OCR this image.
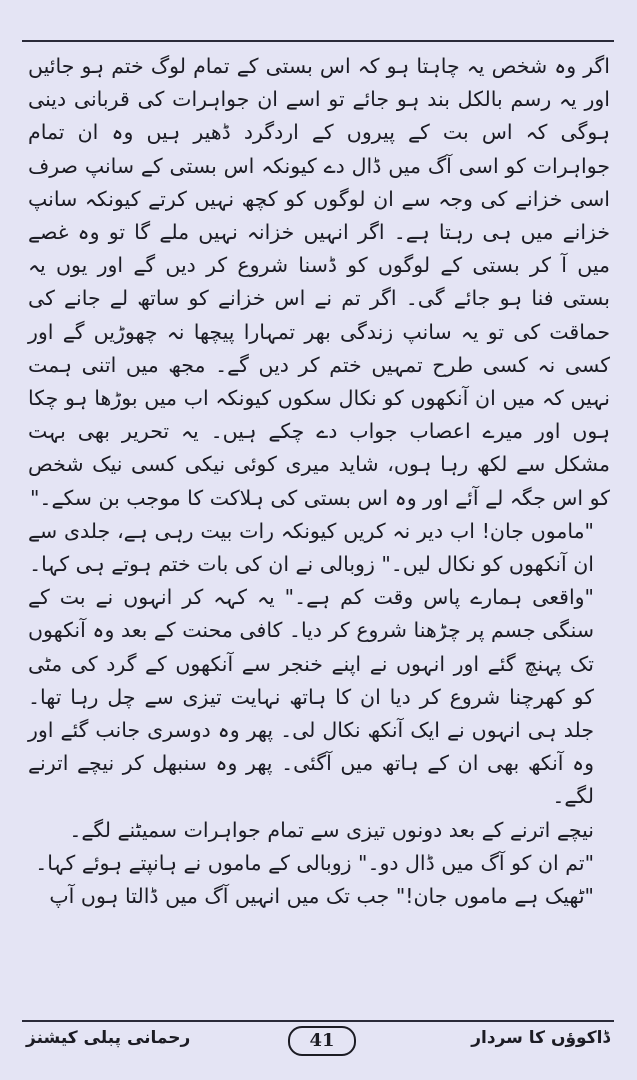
اگر وہ شخص یہ چاہتا ہو کہ اس بستی کے تمام لوگ ختم ہو جائیں اور یہ رسم بالکل بند ہو جائے تو اسے ان جواہرات کی قربانی دینی ہوگی کہ اس بت کے پیروں کے اردگرد ڈھیر ہیں وہ ان تمام جواہرات کو اسی آگ میں ڈال دے کیونکہ اس بستی کے سانپ صرف اسی خزانے کی وجہ سے ان لوگوں کو کچھ نہیں کرتے کیونکہ سانپ خزانے میں ہی رہتا ہے۔ اگر انہیں خزانہ نہیں ملے گا تو وہ غصے میں آ کر بستی کے لوگوں کو ڈسنا شروع کر دیں گے اور یوں یہ بستی فنا ہو جائے گی۔ اگر تم نے اس خزانے کو ساتھ لے جانے کی حماقت کی تو یہ سانپ زندگی بھر تمہارا پیچھا نہ چھوڑیں گے اور کسی نہ کسی طرح تمہیں ختم کر دیں گے۔ مجھ میں اتنی ہمت نہیں کہ میں ان آنکھوں کو نکال سکوں کیونکہ اب میں بوڑھا ہو چکا ہوں اور میرے اعصاب جواب دے چکے ہیں۔ یہ تحریر بھی بہت مشکل سے لکھ رہا ہوں، شاید میری کوئی نیکی کسی نیک شخص کو اس جگہ لے آئے اور وہ اس بستی کی ہلاکت کا موجب بن سکے۔"

"ماموں جان! اب دیر نہ کریں کیونکہ رات بیت رہی ہے، جلدی سے ان آنکھوں کو نکال لیں۔" زوبالی نے ان کی بات ختم ہوتے ہی کہا۔

"واقعی ہمارے پاس وقت کم ہے۔" یہ کہہ کر انہوں نے بت کے سنگی جسم پر چڑھنا شروع کر دیا۔ کافی محنت کے بعد وہ آنکھوں تک پہنچ گئے اور انہوں نے اپنے خنجر سے آنکھوں کے گرد کی مٹی کو کھرچنا شروع کر دیا ان کا ہاتھ نہایت تیزی سے چل رہا تھا۔ جلد ہی انہوں نے ایک آنکھ نکال لی۔ پھر وہ دوسری جانب گئے اور وہ آنکھ بھی ان کے ہاتھ میں آگئی۔ پھر وہ سنبھل کر نیچے اترنے لگے۔

نیچے اترنے کے بعد دونوں تیزی سے تمام جواہرات سمیٹنے لگے۔

"تم ان کو آگ میں ڈال دو۔" زوبالی کے ماموں نے ہانپتے ہوئے کہا۔

"ٹھیک ہے ماموں جان!" جب تک میں انہیں آگ میں ڈالتا ہوں آپ

ڈاکوؤں کا سردار
41
رحمانی پبلی کیشنز
